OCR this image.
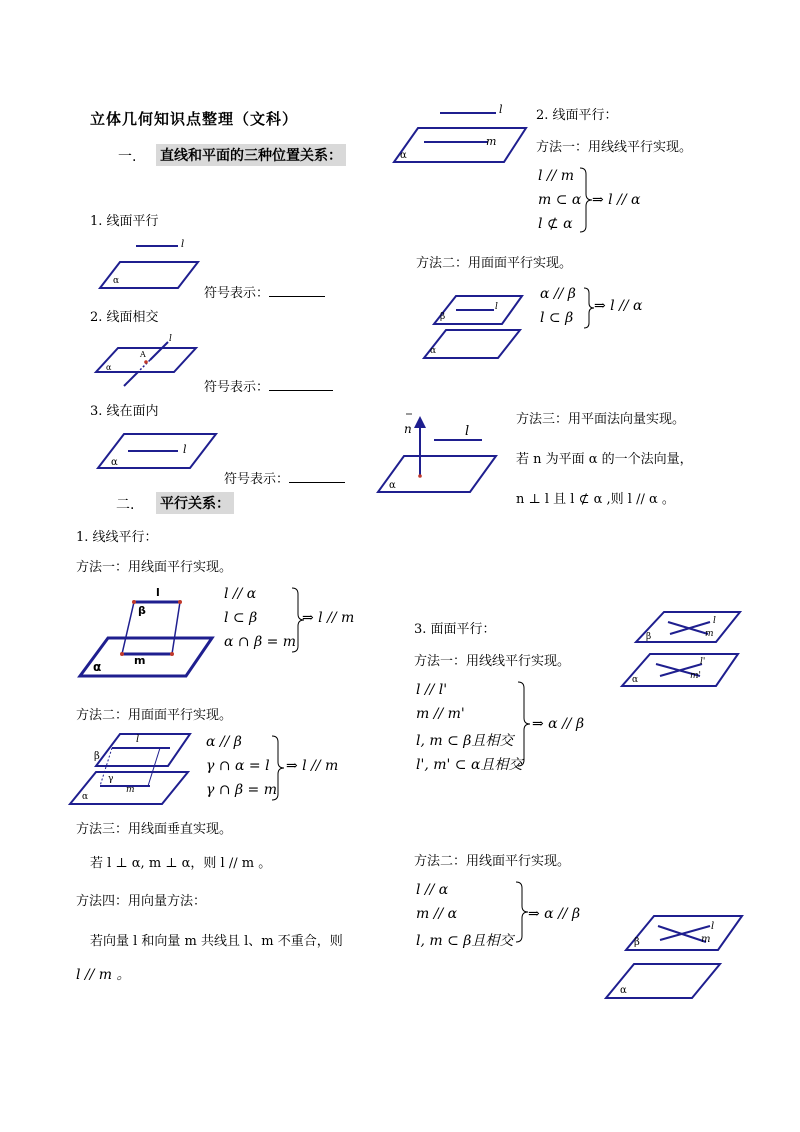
立体几何知识点整理（文科）
一. 直线和平面的三种位置关系：
1. 线面平行
l
α
符号表示：
2. 线面相交
l
A
α
符号表示：
3. 线在面内
l
α
符号表示：
二. 平行关系：
1. 线线平行：
方法一：用线面平行实现。
l
β
m
α
l // α
l ⊂ β
α ∩ β = m
⇒ l // m
方法二：用面面平行实现。
l
β
γ
m
α
α // β
γ ∩ α = l
γ ∩ β = m
⇒ l // m
方法三：用线面垂直实现。
若 l ⊥ α, m ⊥ α，则 l // m 。
方法四：用向量方法：
若向量 l 和向量 m 共线且 l、m 不重合，则
l // m 。
l
m
α
2. 线面平行：
方法一：用线线平行实现。
l // m
m ⊂ α
l ⊄ α
⇒ l // α
方法二：用面面平行实现。
l
β
α
α // β
l ⊂ β
⇒ l // α
n	l
α
方法三：用平面法向量实现。
若 n 为平面 α 的一个法向量，
n ⊥ l 且 l ⊄ α ,则 l // α 。
3. 面面平行：
方法一：用线线平行实现。
l
m
β
l'
m'
α
l // l'
m // m'
l, m ⊂ β且相交
l', m' ⊂ α且相交
⇒ α // β
方法二：用线面平行实现。
l // α
m // α
l, m ⊂ β且相交
⇒ α // β
l
m
β
α
